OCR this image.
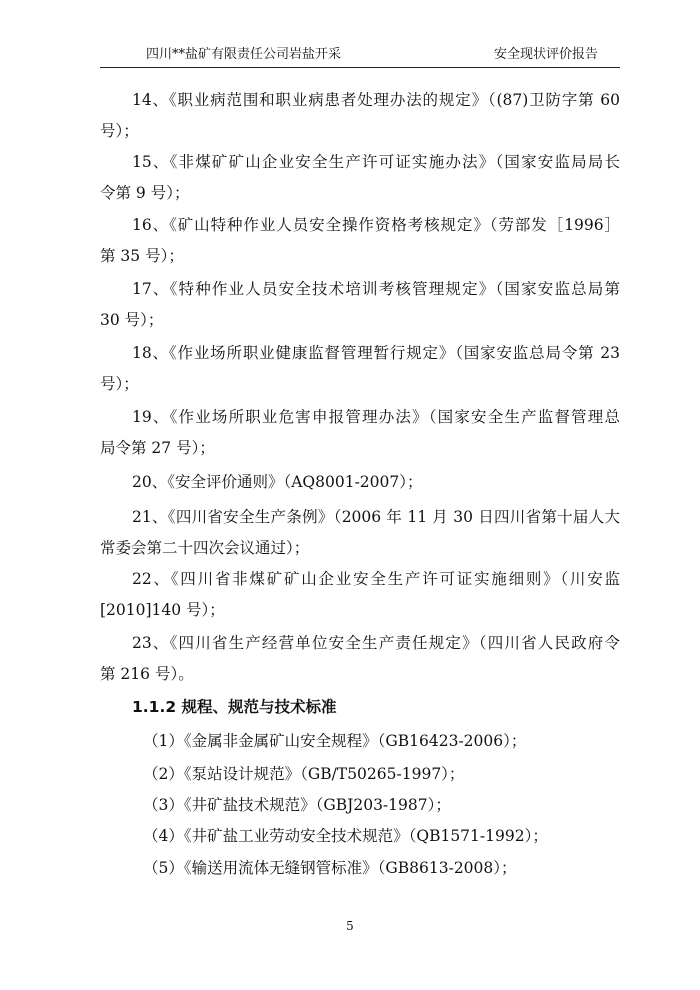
四川**盐矿有限责任公司岩盐开采	安全现状评价报告
14、《职业病范围和职业病患者处理办法的规定》（(87)卫防字第 60
号）；
15、《非煤矿矿山企业安全生产许可证实施办法》（国家安监局局长
令第 9 号）；
16、《矿山特种作业人员安全操作资格考核规定》（劳部发［1996］
第 35 号）；
17、《特种作业人员安全技术培训考核管理规定》（国家安监总局第
30 号）；
18、《作业场所职业健康监督管理暂行规定》（国家安监总局令第 23
号）；
19、《作业场所职业危害申报管理办法》（国家安全生产监督管理总
局令第 27 号）；
20、《安全评价通则》（AQ8001-2007）；
21、《四川省安全生产条例》（2006 年 11 月 30 日四川省第十届人大
常委会第二十四次会议通过）；
22、《四川省非煤矿矿山企业安全生产许可证实施细则》（川安监
[2010]140 号）；
23、《四川省生产经营单位安全生产责任规定》（四川省人民政府令
第 216 号）。
1.1.2 规程、规范与技术标准
（1）《金属非金属矿山安全规程》（GB16423-2006）；
（2）《泵站设计规范》（GB/T50265-1997）；
（3）《井矿盐技术规范》（GBJ203-1987）；
（4）《井矿盐工业劳动安全技术规范》（QB1571-1992）；
（5）《输送用流体无缝钢管标准》（GB8613-2008）；
5
